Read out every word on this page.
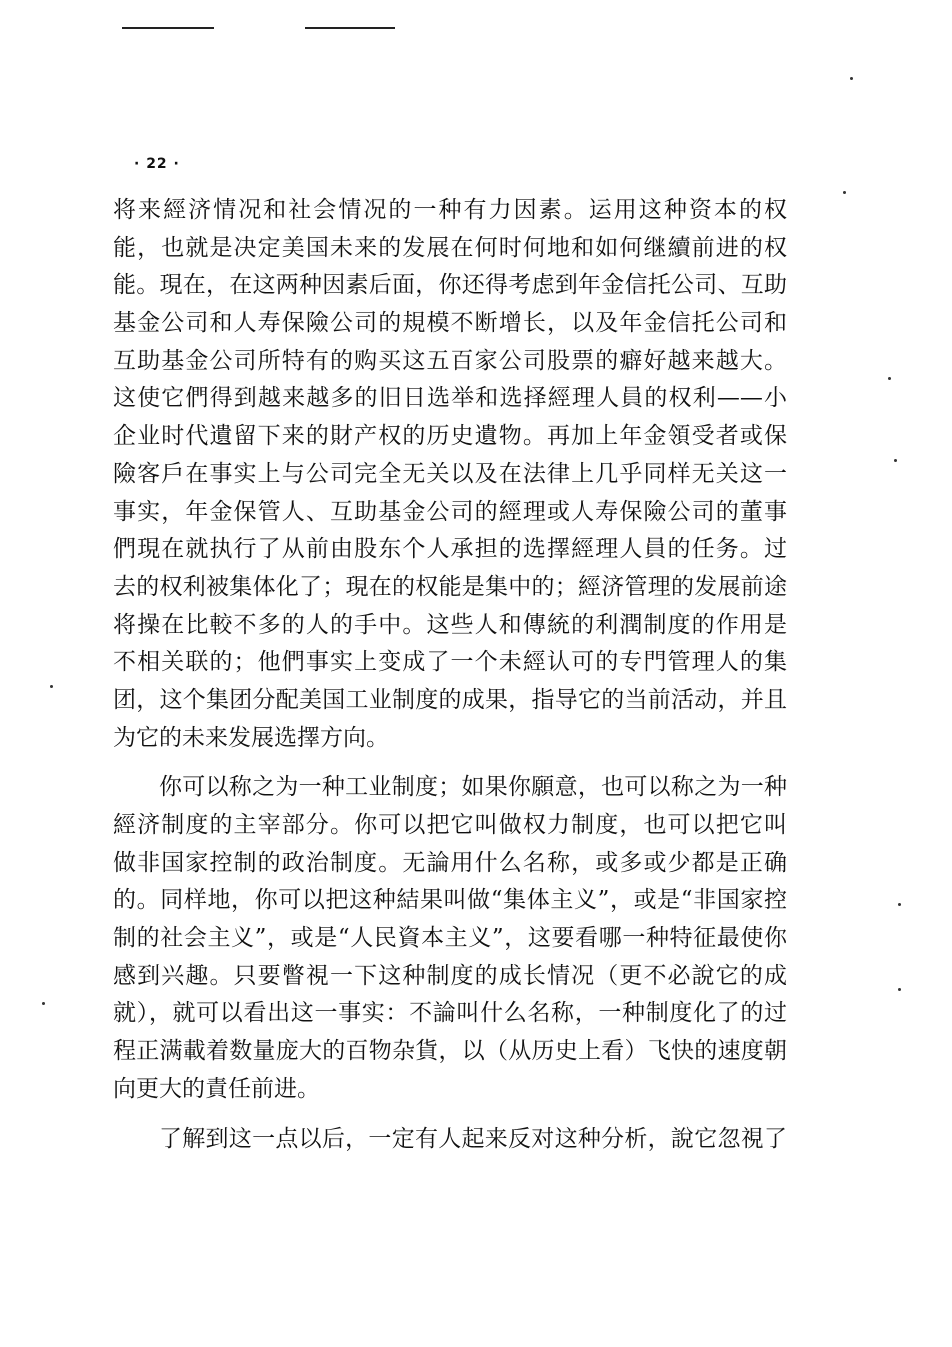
· 22 ·
将来經济情况和社会情况的一种有力因素。运用这种资本的权
能，也就是决定美国未来的发展在何时何地和如何继續前进的权
能。現在，在这两种因素后面，你还得考虑到年金信托公司、互助
基金公司和人寿保險公司的規模不断增长，以及年金信托公司和
互助基金公司所特有的购买这五百家公司股票的癖好越来越大。
这使它們得到越来越多的旧日选举和选择經理人員的权利——小
企业时代遺留下来的財产权的历史遺物。再加上年金領受者或保
險客戶在事实上与公司完全无关以及在法律上几乎同样无关这一
事实，年金保管人、互助基金公司的經理或人寿保險公司的董事
們現在就执行了从前由股东个人承担的选擇經理人員的任务。过
去的权利被集体化了；現在的权能是集中的；經济管理的发展前途
将操在比較不多的人的手中。这些人和傳統的利潤制度的作用是
不相关联的；他們事实上变成了一个未經认可的专門管理人的集
团，这个集团分配美国工业制度的成果，指导它的当前活动，并且
为它的未来发展选擇方向。
你可以称之为一种工业制度；如果你願意，也可以称之为一种
經济制度的主宰部分。你可以把它叫做权力制度，也可以把它叫
做非国家控制的政治制度。无論用什么名称，或多或少都是正确
的。同样地，你可以把这种結果叫做“集体主义”，或是“非国家控
制的社会主义”，或是“人民資本主义”，这要看哪一种特征最使你
感到兴趣。只要瞥視一下这种制度的成长情况（更不必說它的成
就），就可以看出这一事实：不論叫什么名称，一种制度化了的过
程正满載着数量庞大的百物杂貨，以（从历史上看）飞快的速度朝
向更大的責任前进。
了解到这一点以后，一定有人起来反对这种分析，說它忽視了
